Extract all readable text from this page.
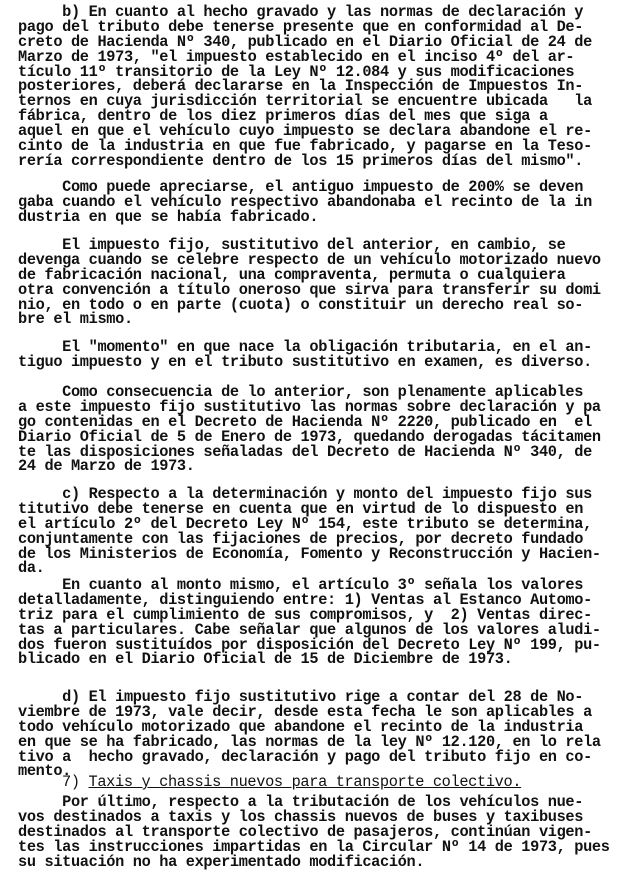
b) En cuanto al hecho gravado y las normas de declaración y
pago del tributo debe tenerse presente que en conformidad al De-
creto de Hacienda Nº 340, publicado en el Diario Oficial de 24 de
Marzo de 1973, "el impuesto establecido en el inciso 4º del ar-
tículo 11º transitorio de la Ley Nº 12.084 y sus modificaciones
posteriores, deberá declararse en la Inspección de Impuestos In-
ternos en cuya jurisdicción territorial se encuentre ubicada   la
fábrica, dentro de los diez primeros días del mes que siga a
aquel en que el vehículo cuyo impuesto se declara abandone el re-
cinto de la industria en que fue fabricado, y pagarse en la Teso-
rería correspondiente dentro de los 15 primeros días del mismo".
Como puede apreciarse, el antiguo impuesto de 200% se deven
gaba cuando el vehículo respectivo abandonaba el recinto de la in
dustria en que se había fabricado.
El impuesto fijo, sustitutivo del anterior, en cambio, se
devenga cuando se celebre respecto de un vehículo motorizado nuevo
de fabricación nacional, una compraventa, permuta o cualquiera
otra convención a título oneroso que sirva para transferir su domi
nio, en todo o en parte (cuota) o constituir un derecho real so-
bre el mismo.
El "momento" en que nace la obligación tributaria, en el an-
tiguo impuesto y en el tributo sustitutivo en examen, es diverso.
Como consecuencia de lo anterior, son plenamente aplicables
a este impuesto fijo sustitutivo las normas sobre declaración y pa
go contenidas en el Decreto de Hacienda Nº 2220, publicado en  el
Diario Oficial de 5 de Enero de 1973, quedando derogadas tácitamen
te las disposiciones señaladas del Decreto de Hacienda Nº 340, de
24 de Marzo de 1973.
c) Respecto a la determinación y monto del impuesto fijo sus
titutivo debe tenerse en cuenta que en virtud de lo dispuesto en
el artículo 2º del Decreto Ley Nº 154, este tributo se determina,
conjuntamente con las fijaciones de precios, por decreto fundado
de los Ministerios de Economía, Fomento y Reconstrucción y Hacien-
da.
En cuanto al monto mismo, el artículo 3º señala los valores
detalladamente, distinguiendo entre: 1) Ventas al Estanco Automo-
triz para el cumplimiento de sus compromisos, y  2) Ventas direc-
tas a particulares. Cabe señalar que algunos de los valores aludi-
dos fueron sustituídos por disposición del Decreto Ley Nº 199, pu-
blicado en el Diario Oficial de 15 de Diciembre de 1973.
d) El impuesto fijo sustitutivo rige a contar del 28 de No-
viembre de 1973, vale decir, desde esta fecha le son aplicables a
todo vehículo motorizado que abandone el recinto de la industria
en que se ha fabricado, las normas de la ley Nº 12.120, en lo rela
tivo a  hecho gravado, declaración y pago del tributo fijo en co-
mento.
Por último, respecto a la tributación de los vehículos nue-
vos destinados a taxis y los chassis nuevos de buses y taxibuses
destinados al transporte colectivo de pasajeros, continúan vigen-
tes las instrucciones impartidas en la Circular Nº 14 de 1973, pues
su situación no ha experimentado modificación.
7) Taxis y chassis nuevos para transporte colectivo.
